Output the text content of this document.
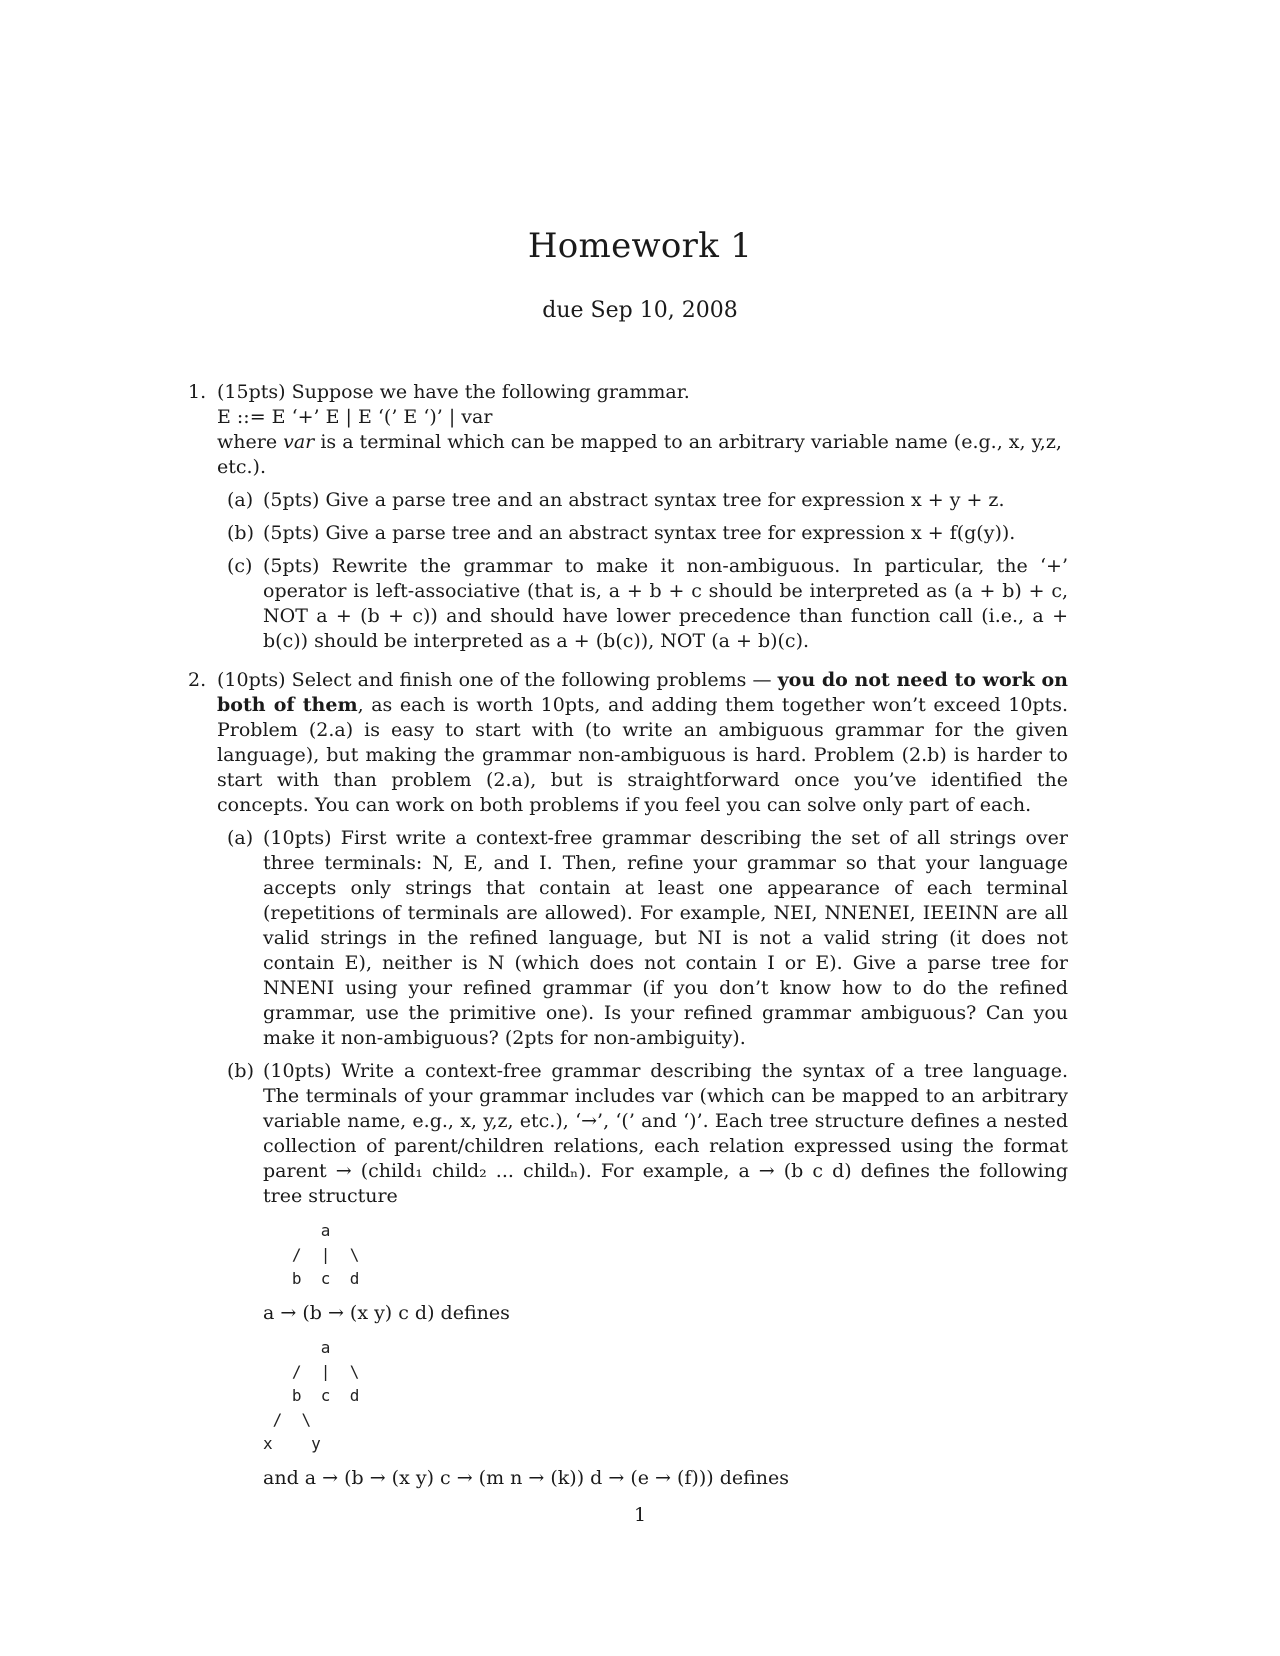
Homework 1
due Sep 10, 2008
1. (15pts) Suppose we have the following grammar.
E ::= E ‘+’ E | E ‘(’ E ‘)’ | var
where var is a terminal which can be mapped to an arbitrary variable name (e.g., x, y,z, etc.).
(a) (5pts) Give a parse tree and an abstract syntax tree for expression x + y + z.
(b) (5pts) Give a parse tree and an abstract syntax tree for expression x + f(g(y)).
(c) (5pts) Rewrite the grammar to make it non-ambiguous. In particular, the ‘+’ operator is left-associative (that is, a + b + c should be interpreted as (a + b) + c, NOT a + (b + c)) and should have lower precedence than function call (i.e., a + b(c)) should be interpreted as a + (b(c)), NOT (a + b)(c).
2. (10pts) Select and finish one of the following problems — you do not need to work on both of them, as each is worth 10pts, and adding them together won’t exceed 10pts. Problem (2.a) is easy to start with (to write an ambiguous grammar for the given language), but making the grammar non-ambiguous is hard. Problem (2.b) is harder to start with than problem (2.a), but is straightforward once you’ve identified the concepts. You can work on both problems if you feel you can solve only part of each.
(a) (10pts) First write a context-free grammar describing the set of all strings over three terminals: N, E, and I. Then, refine your grammar so that your language accepts only strings that contain at least one appearance of each terminal (repetitions of terminals are allowed). For example, NEI, NNENEI, IEEINN are all valid strings in the refined language, but NI is not a valid string (it does not contain E), neither is N (which does not contain I or E). Give a parse tree for NNENI using your refined grammar (if you don’t know how to do the refined grammar, use the primitive one). Is your refined grammar ambiguous? Can you make it non-ambiguous? (2pts for non-ambiguity).
(b) (10pts) Write a context-free grammar describing the syntax of a tree language. The terminals of your grammar includes var (which can be mapped to an arbitrary variable name, e.g., x, y,z, etc.), ‘→’, ‘(’ and ‘)’. Each tree structure defines a nested collection of parent/children relations, each relation expressed using the format parent → (child₁ child₂ ... childₙ). For example, a → (b c d) defines the following tree structure
a
/  |  \
b  c  d
a → (b → (x y) c d) defines
a
/  |  \
b  c  d
/  \
x    y
and a → (b → (x y) c → (m n → (k)) d → (e → (f))) defines
1
